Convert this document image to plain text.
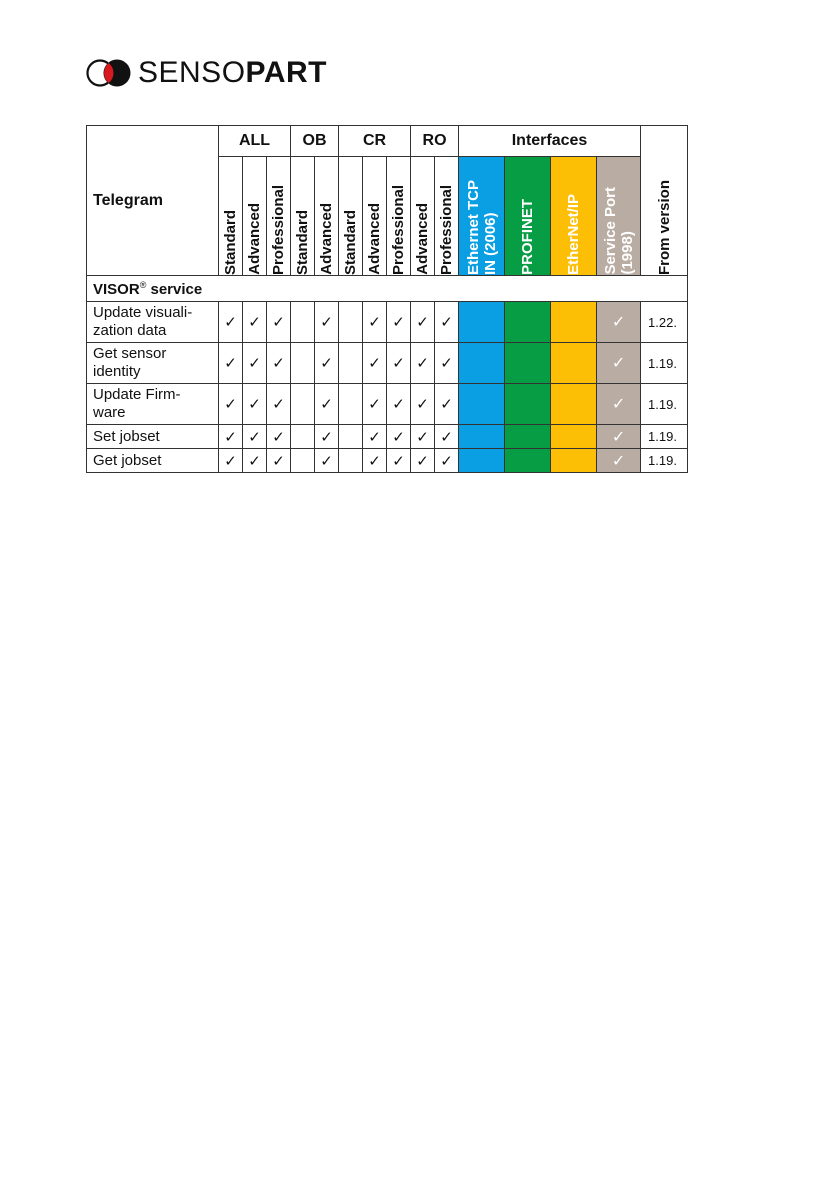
SENSOPART
Telegram	ALL			OB		CR			RO		Interfaces				From version

	Standard	Advanced	Professional	Standard	Advanced	Standard	Advanced	Professional	Advanced	Professional	Ethernet TCP
IN (2006)	PROFINET	EtherNet/IP	Service Port
(1998)	

VISOR® service															
Update visuali-
zation data	✓	✓	✓		✓		✓	✓	✓	✓				✓	1.22.
Get sensor
identity	✓	✓	✓		✓		✓	✓	✓	✓				✓	1.19.
Update Firm-
ware	✓	✓	✓		✓		✓	✓	✓	✓				✓	1.19.
Set jobset	✓	✓	✓		✓		✓	✓	✓	✓				✓	1.19.
Get jobset	✓	✓	✓		✓		✓	✓	✓	✓				✓	1.19.
